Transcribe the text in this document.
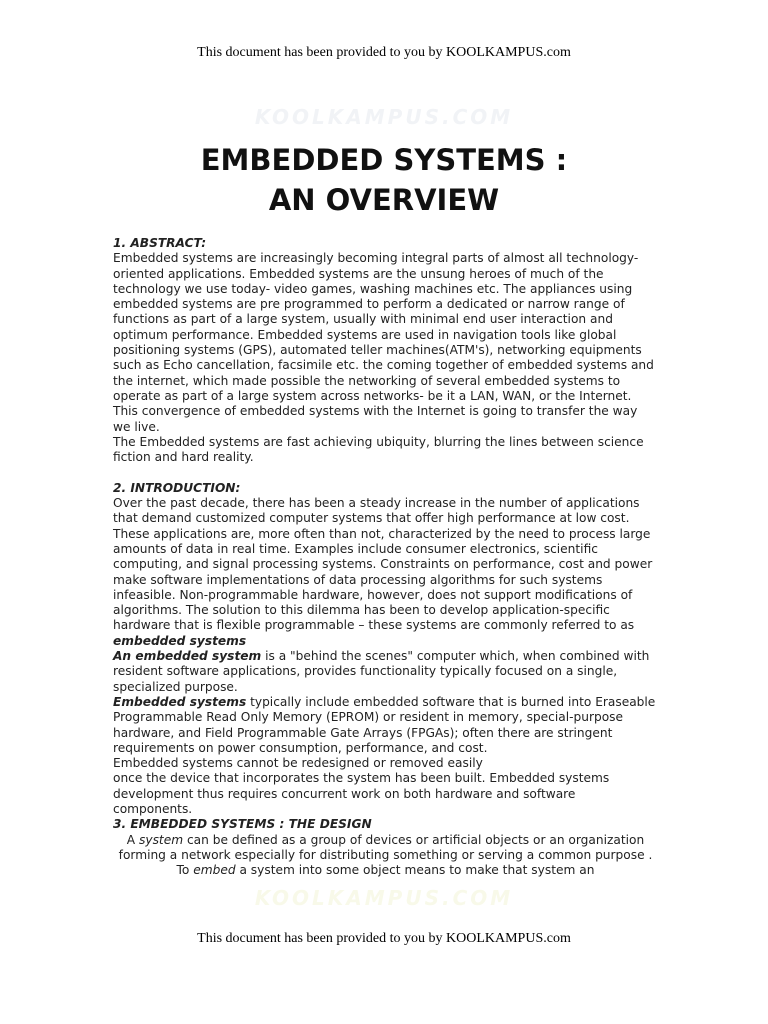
This document has been provided to you by KOOLKAMPUS.com
KOOLKAMPUS.COM
EMBEDDED SYSTEMS :
AN OVERVIEW

1. ABSTRACT:

Embedded systems are increasingly becoming integral parts of almost all technology-oriented applications. Embedded systems are the unsung heroes of much of the technology we use today- video games, washing machines etc. The appliances using embedded systems are pre programmed to perform a dedicated or narrow range of functions as part of a large system, usually with minimal end user interaction and optimum performance. Embedded systems are used in navigation tools like global positioning systems (GPS), automated teller machines(ATM's), networking equipments such as Echo cancellation, facsimile etc. the coming together of embedded systems and the internet, which made possible the networking of several embedded systems to operate as part of a large system across networks- be it a LAN, WAN, or the Internet. This convergence of embedded systems with the Internet is going to transfer the way we live.

The Embedded systems are fast achieving ubiquity, blurring the lines between science fiction and hard reality.

2. INTRODUCTION:

Over the past decade, there has been a steady increase in the number of applications that demand customized computer systems that offer high performance at low cost. These applications are, more often than not, characterized by the need to process large amounts of data in real time. Examples include consumer electronics, scientific computing, and signal processing systems. Constraints on performance, cost and power make software implementations of data processing algorithms for such systems infeasible. Non-programmable hardware, however, does not support modifications of algorithms. The solution to this dilemma has been to develop application-specific hardware that is flexible programmable – these systems are commonly referred to as embedded systems

An embedded system is a "behind the scenes" computer which, when combined with resident software applications, provides functionality typically focused on a single, specialized purpose.

Embedded systems typically include embedded software that is burned into Eraseable Programmable Read Only Memory (EPROM) or resident in memory, special-purpose hardware, and Field Programmable Gate Arrays (FPGAs); often there are stringent requirements on power consumption, performance, and cost.

Embedded systems cannot be redesigned or removed easily

once the device that incorporates the system has been built. Embedded systems development thus requires concurrent work on both hardware and software components.

3. EMBEDDED SYSTEMS : THE DESIGN

A system can be defined as a group of devices or artificial objects or an organization forming a network especially for distributing something or serving a common purpose . To embed a system into some object means to make that system an

KOOLKAMPUS.COM
This document has been provided to you by KOOLKAMPUS.com
